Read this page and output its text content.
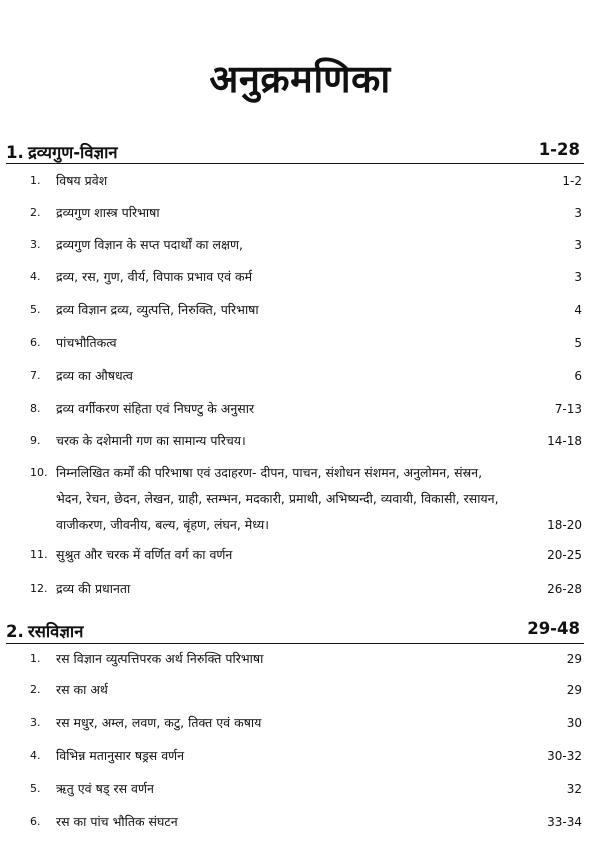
अनुक्रमणिका
1. द्रव्यगुण-विज्ञान	1-28
1. विषय प्रवेश	1-2
2. द्रव्यगुण शास्त्र परिभाषा	3
3. द्रव्यगुण विज्ञान के सप्त पदार्थों का लक्षण,	3
4. द्रव्य, रस, गुण, वीर्य, विपाक प्रभाव एवं कर्म	3
5. द्रव्य विज्ञान द्रव्य, व्युत्पत्ति, निरुक्ति, परिभाषा	4
6. पांचभौतिकत्व	5
7. द्रव्य का औषधत्व	6
8. द्रव्य वर्गीकरण संहिता एवं निघण्टु के अनुसार	7-13
9. चरक के दशेमानी गण का सामान्य परिचय।	14-18
10. निम्नलिखित कर्मों की परिभाषा एवं उदाहरण- दीपन, पाचन, संशोधन संशमन, अनुलोमन, संस्रन, भेदन, रेचन, छेदन, लेखन, ग्राही, स्तम्भन, मदकारी, प्रमाथी, अभिष्यन्दी, व्यवायी, विकासी, रसायन, वाजीकरण, जीवनीय, बल्य, बृंहण, लंघन, मेध्य।	18-20
11. सुश्रुत और चरक में वर्णित वर्ग का वर्णन	20-25
12. द्रव्य की प्रधानता	26-28
2. रसविज्ञान	29-48
1. रस विज्ञान व्युत्पत्तिपरक अर्थ निरुक्ति परिभाषा	29
2. रस का अर्थ	29
3. रस मधुर, अम्ल, लवण, कटु, तिक्त एवं कषाय	30
4. विभिन्न मतानुसार षड्रस वर्णन	30-32
5. ऋतु एवं षड् रस वर्णन	32
6. रस का पांच भौतिक संघटन	33-34
